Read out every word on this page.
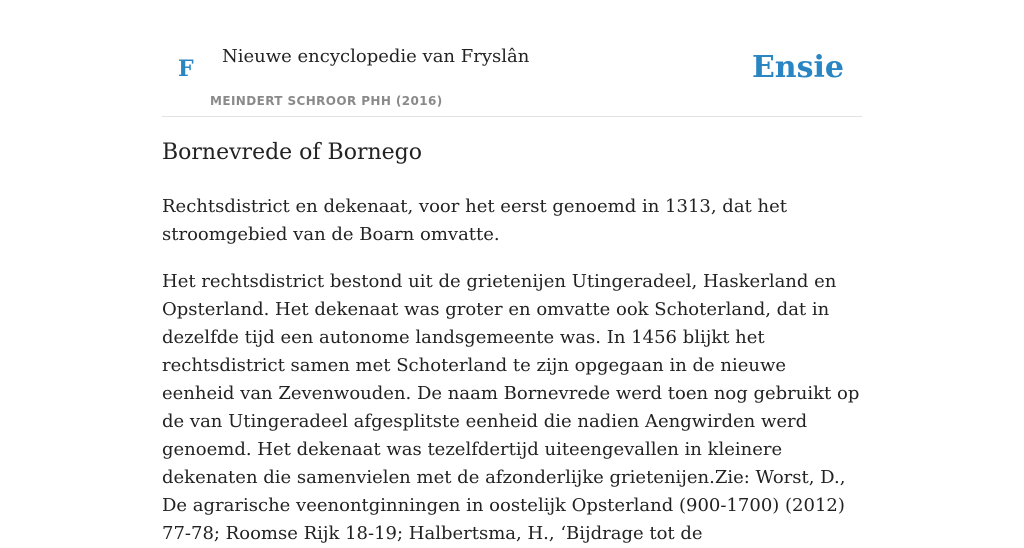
F Nieuwe encyclopedie van Fryslân
MEINDERT SCHROOR PHH (2016)
Ensie
Bornevrede of Bornego

Rechtsdistrict en dekenaat, voor het eerst genoemd in 1313, dat het stroomgebied van de Boarn omvatte.

Het rechtsdistrict bestond uit de grietenijen Utingeradeel, Haskerland en Opsterland. Het dekenaat was groter en omvatte ook Schoterland, dat in dezelfde tijd een autonome landsgemeente was. In 1456 blijkt het rechtsdistrict samen met Schoterland te zijn opgegaan in de nieuwe eenheid van Zevenwouden. De naam Bornevrede werd toen nog gebruikt op de van Utingeradeel afgesplitste eenheid die nadien Aengwirden werd genoemd. Het dekenaat was tezelfdertijd uiteengevallen in kleinere dekenaten die samenvielen met de afzonderlijke grietenijen.Zie: Worst, D., De agrarische veenontginningen in oostelijk Opsterland (900-1700) (2012) 77-78; Roomse Rijk 18-19; Halbertsma, H., ‘Bijdrage tot de
